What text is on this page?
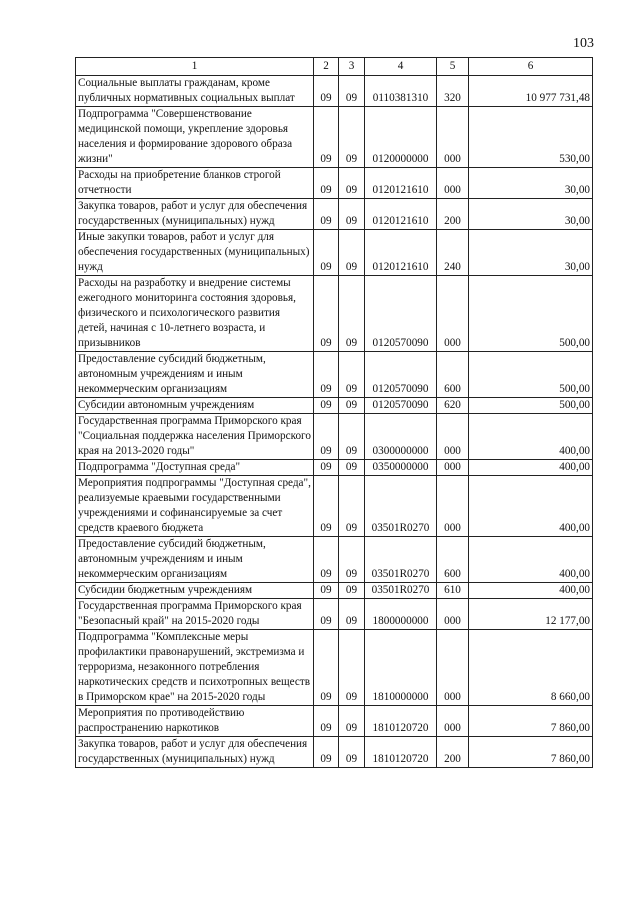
103
1	2	3	4	5	6
Социальные выплаты гражданам, кроме публичных нормативных социальных выплат	09	09	0110381310	320	10 977 731,48
Подпрограмма "Совершенствование медицинской помощи, укрепление здоровья населения и формирование здорового образа жизни"	09	09	0120000000	000	530,00
Расходы на приобретение бланков строгой отчетности	09	09	0120121610	000	30,00
Закупка товаров, работ и услуг для обеспечения государственных (муниципальных) нужд	09	09	0120121610	200	30,00
Иные закупки товаров, работ и услуг для обеспечения государственных (муниципальных) нужд	09	09	0120121610	240	30,00
Расходы на разработку и внедрение системы ежегодного мониторинга состояния здоровья, физического и психологического развития детей, начиная с 10-летнего возраста, и призывников	09	09	0120570090	000	500,00
Предоставление субсидий бюджетным, автономным учреждениям и иным некоммерческим организациям	09	09	0120570090	600	500,00
Субсидии автономным учреждениям	09	09	0120570090	620	500,00
Государственная программа Приморского края "Социальная поддержка населения Приморского края на 2013-2020 годы"	09	09	0300000000	000	400,00
Подпрограмма "Доступная среда"	09	09	0350000000	000	400,00
Мероприятия подпрограммы "Доступная среда", реализуемые краевыми государственными учреждениями и софинансируемые за счет средств краевого бюджета	09	09	03501R0270	000	400,00
Предоставление субсидий бюджетным, автономным учреждениям и иным некоммерческим организациям	09	09	03501R0270	600	400,00
Субсидии бюджетным учреждениям	09	09	03501R0270	610	400,00
Государственная программа Приморского края "Безопасный край" на 2015-2020 годы	09	09	1800000000	000	12 177,00
Подпрограмма "Комплексные меры профилактики правонарушений, экстремизма и терроризма, незаконного потребления наркотических средств и психотропных веществ в Приморском крае" на 2015-2020 годы	09	09	1810000000	000	8 660,00
Мероприятия по противодействию распространению наркотиков	09	09	1810120720	000	7 860,00
Закупка товаров, работ и услуг для обеспечения государственных (муниципальных) нужд	09	09	1810120720	200	7 860,00
